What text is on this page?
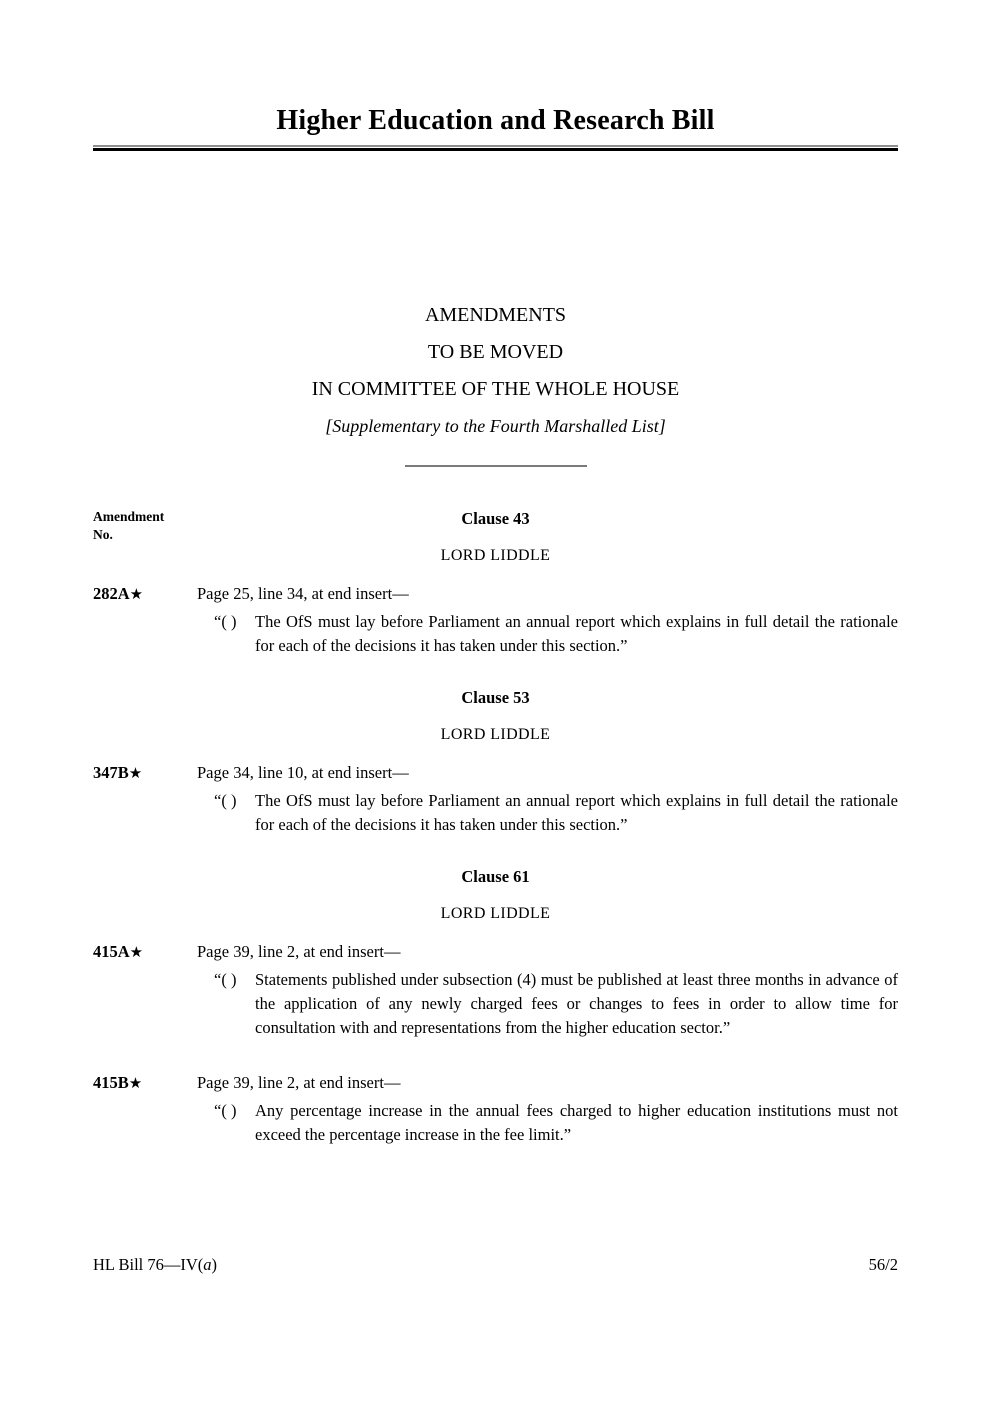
Higher Education and Research Bill
AMENDMENTS
TO BE MOVED
IN COMMITTEE OF THE WHOLE HOUSE
[Supplementary to the Fourth Marshalled List]
Amendment
No.
Clause 43
LORD LIDDLE
282A★	Page 25, line 34, at end insert—
“( ) The OfS must lay before Parliament an annual report which explains in full detail the rationale for each of the decisions it has taken under this section.”
Clause 53
LORD LIDDLE
347B★	Page 34, line 10, at end insert—
“( ) The OfS must lay before Parliament an annual report which explains in full detail the rationale for each of the decisions it has taken under this section.”
Clause 61
LORD LIDDLE
415A★	Page 39, line 2, at end insert—
“( ) Statements published under subsection (4) must be published at least three months in advance of the application of any newly charged fees or changes to fees in order to allow time for consultation with and representations from the higher education sector.”
415B★	Page 39, line 2, at end insert—
“( ) Any percentage increase in the annual fees charged to higher education institutions must not exceed the percentage increase in the fee limit.”
HL Bill 76—IV(a)	56/2
